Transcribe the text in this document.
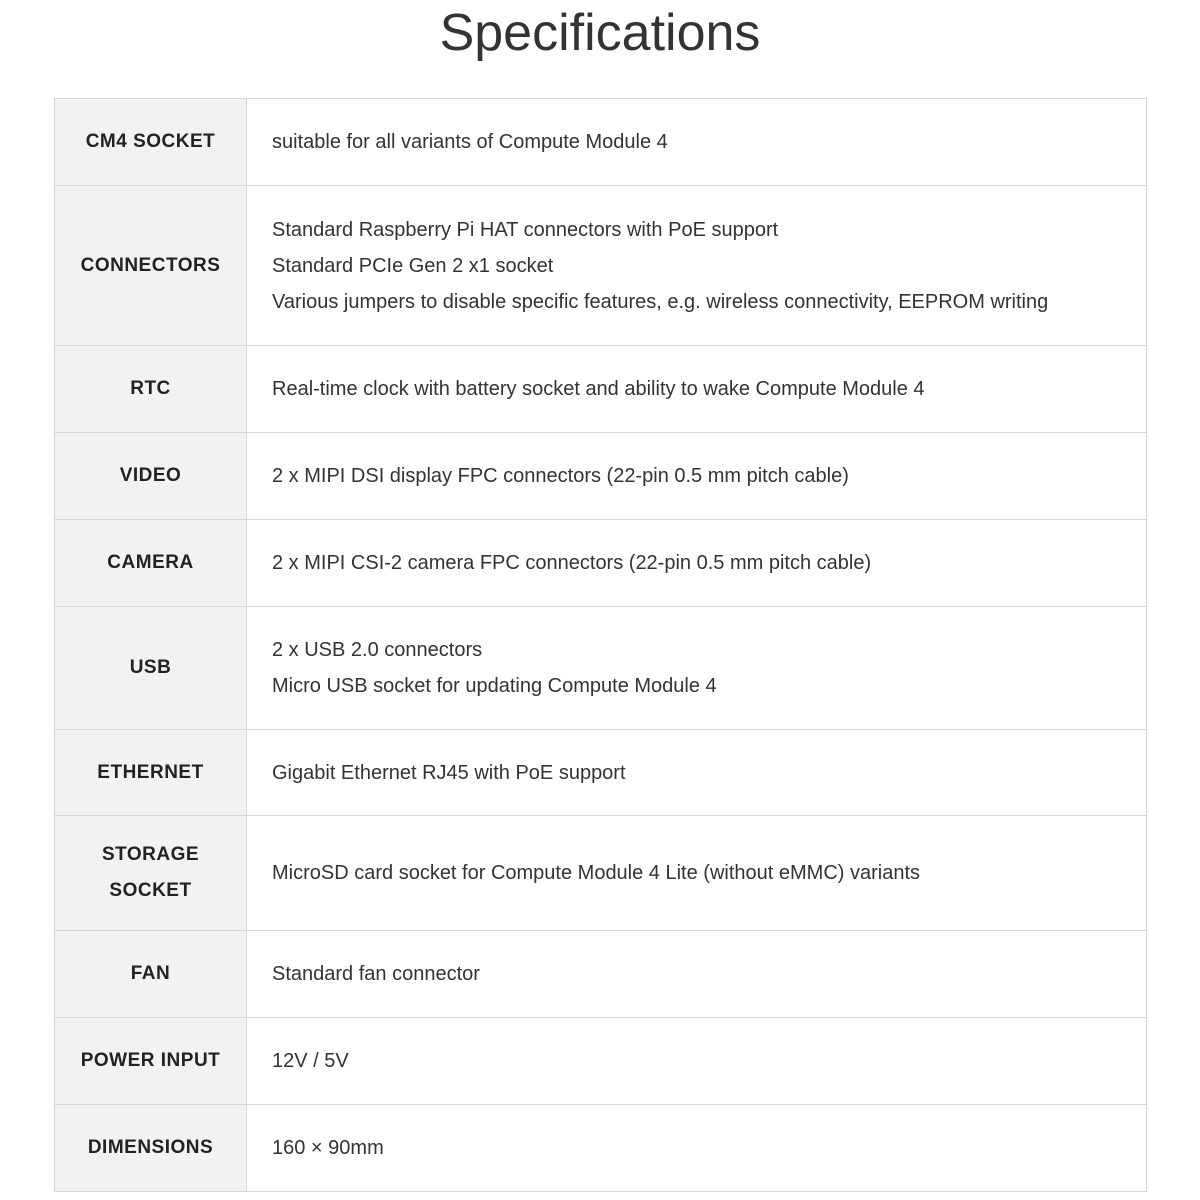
Specifications
CM4 SOCKET	suitable for all variants of Compute Module 4

CONNECTORS	Standard Raspberry Pi HAT connectors with PoE support
Standard PCIe Gen 2 x1 socket
Various jumpers to disable specific features, e.g. wireless connectivity, EEPROM writing

RTC	Real-time clock with battery socket and ability to wake Compute Module 4

VIDEO	2 x MIPI DSI display FPC connectors (22-pin 0.5 mm pitch cable)

CAMERA	2 x MIPI CSI-2 camera FPC connectors (22-pin 0.5 mm pitch cable)

USB	2 x USB 2.0 connectors
Micro USB socket for updating Compute Module 4

ETHERNET	Gigabit Ethernet RJ45 with PoE support

STORAGE SOCKET	MicroSD card socket for Compute Module 4 Lite (without eMMC) variants

FAN	Standard fan connector

POWER INPUT	12V / 5V

DIMENSIONS	160 × 90mm
